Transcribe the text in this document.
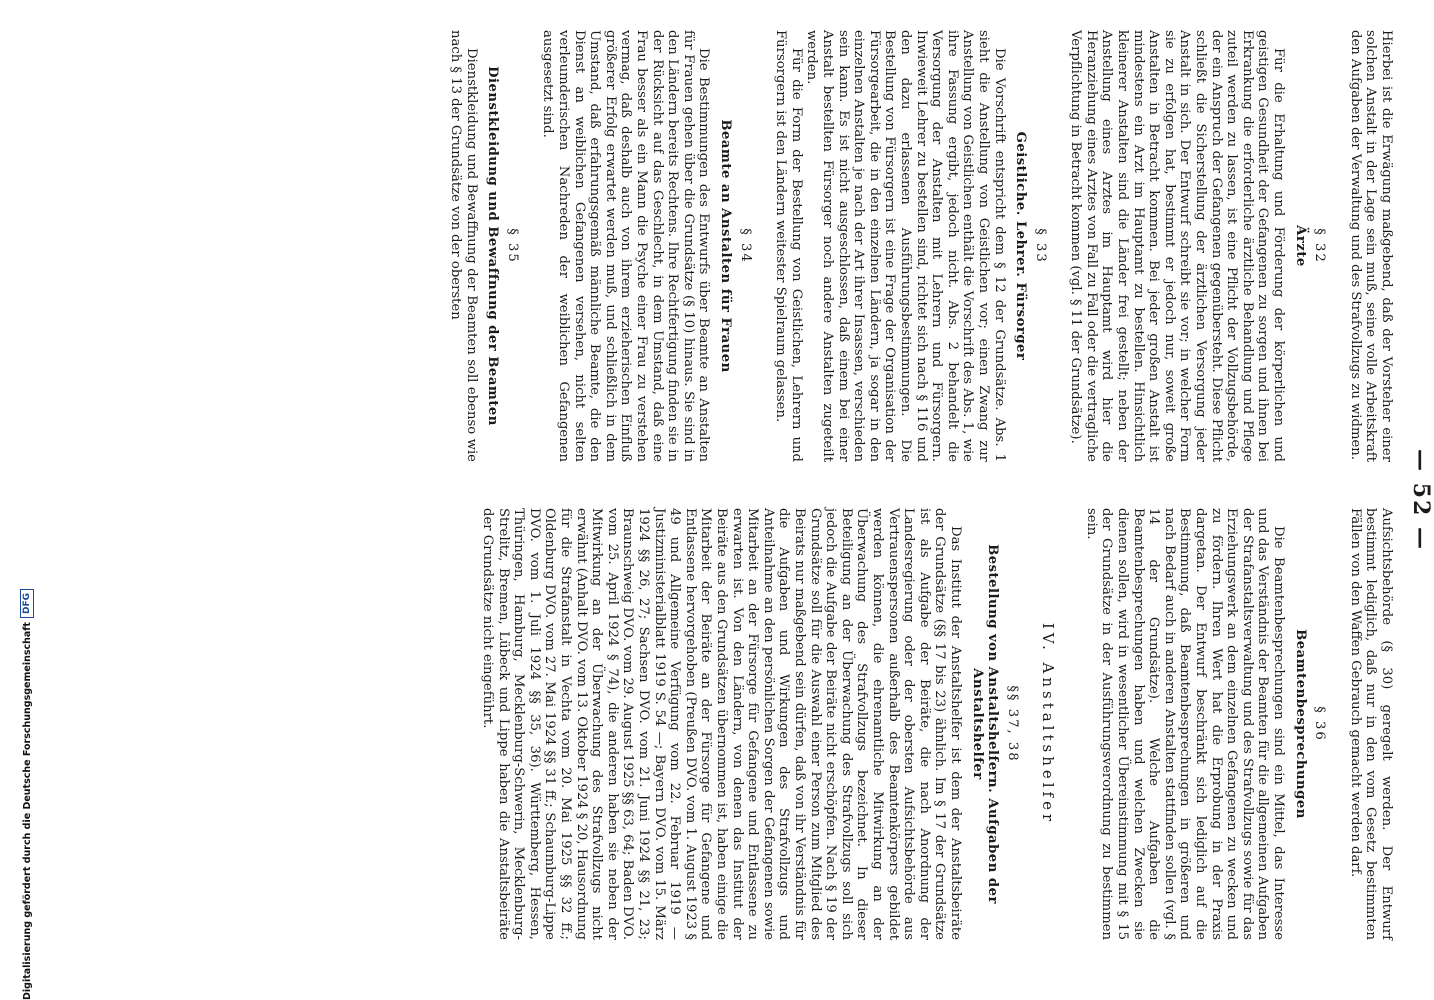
— 52 —

Hierbei ist die Erwägung maßgebend, daß der Vorsteher einer solchen Anstalt in der Lage sein muß, seine volle Arbeitskraft den Aufgaben der Verwaltung und des Strafvollzugs zu widmen.

§ 32
Ärzte

Für die Erhaltung und Förderung der körperlichen und geistigen Gesundheit der Gefangenen zu sorgen und ihnen bei Erkrankung die erforderliche ärztliche Behandlung und Pflege zuteil werden zu lassen, ist eine Pflicht der Vollzugsbehörde, der ein Anspruch der Gefangenen gegenübersteht. Diese Pflicht schließt die Sicherstellung der ärztlichen Versorgung jeder Anstalt in sich. Der Entwurf schreibt sie vor; in welcher Form sie zu erfolgen hat, bestimmt er jedoch nur, soweit große Anstalten in Betracht kommen. Bei jeder großen Anstalt ist mindestens ein Arzt im Hauptamt zu bestellen. Hinsichtlich kleinerer Anstalten sind die Länder frei gestellt; neben der Anstellung eines Arztes im Hauptamt wird hier die Heranziehung eines Arztes von Fall zu Fall oder die vertragliche Verpflichtung in Betracht kommen (vgl. § 11 der Grundsätze).

§ 33
Geistliche. Lehrer. Fürsorger

Die Vorschrift entspricht dem § 12 der Grundsätze. Abs. 1 sieht die Anstellung von Geistlichen vor; einen Zwang zur Anstellung von Geistlichen enthält die Vorschrift des Abs. 1, wie ihre Fassung ergibt, jedoch nicht. Abs. 2 behandelt die Versorgung der Anstalten mit Lehrern und Fürsorgern. Inwieweit Lehrer zu bestellen sind, richtet sich nach § 116 und den dazu erlassenen Ausführungsbestimmungen. Die Bestellung von Fürsorgern ist eine Frage der Organisation der Fürsorgearbeit, die in den einzelnen Ländern, ja sogar in den einzelnen Anstalten je nach der Art ihrer Insassen, verschieden sein kann. Es ist nicht ausgeschlossen, daß einem bei einer Anstalt bestellten Fürsorger noch andere Anstalten zugeteilt werden.

Für die Form der Bestellung von Geistlichen, Lehrern und Fürsorgern ist den Ländern weitester Spielraum gelassen.

§ 34
Beamte an Anstalten für Frauen

Die Bestimmungen des Entwurfs über Beamte an Anstalten für Frauen gehen über die Grundsätze (§ 10) hinaus. Sie sind in den Ländern bereits Rechtens. Ihre Rechtfertigung finden sie in der Rücksicht auf das Geschlecht, in dem Umstand, daß eine Frau besser als ein Mann die Psyche einer Frau zu verstehen vermag, daß deshalb auch von ihrem erzieherischen Einfluß größerer Erfolg erwartet werden muß, und schließlich in dem Umstand, daß erfahrungsgemäß männliche Beamte, die den Dienst an weiblichen Gefangenen versehen, nicht selten verleumderischen Nachreden der weiblichen Gefangenen ausgesetzt sind.

§ 35
Dienstkleidung und Bewaffnung der Beamten

Dienstkleidung und Bewaffnung der Beamten soll ebenso wie nach § 13 der Grundsätze von der obersten

Aufsichtsbehörde (§ 30) geregelt werden. Der Entwurf bestimmt lediglich, daß nur in den vom Gesetz bestimmten Fällen von den Waffen Gebrauch gemacht werden darf.

§ 36
Beamtenbesprechungen

Die Beamtenbesprechungen sind ein Mittel, das Interesse und das Verständnis der Beamten für die allgemeinen Aufgaben der Strafanstaltsverwaltung und des Strafvollzugs sowie für das Erziehungswerk an dem einzelnen Gefangenen zu wecken und zu fördern. Ihren Wert hat die Erprobung in der Praxis dargetan. Der Entwurf beschränkt sich lediglich auf die Bestimmung, daß Beamtenbesprechungen in größeren und nach Bedarf auch in anderen Anstalten stattfinden sollen (vgl. § 14 der Grundsätze). Welche Aufgaben die Beamtenbesprechungen haben und welchen Zwecken sie dienen sollen, wird in wesentlicher Übereinstimmung mit § 15 der Grundsätze in der Ausführungsverordnung zu bestimmen sein.

IV. Anstaltshelfer
§§ 37, 38
Bestellung von Anstaltshelfern. Aufgaben der Anstaltshelfer

Das Institut der Anstaltshelfer ist dem der Anstaltsbeiräte der Grundsätze (§§ 17 bis 23) ähnlich. Im § 17 der Grundsätze ist als Aufgabe der Beiräte, die nach Anordnung der Landesregierung oder der obersten Aufsichtsbehörde aus Vertrauenspersonen außerhalb des Beamtenkörpers gebildet werden können, die ehrenamtliche Mitwirkung an der Überwachung des Strafvollzugs bezeichnet. In dieser Beteiligung an der Überwachung des Strafvollzugs soll sich jedoch die Aufgabe der Beiräte nicht erschöpfen. Nach § 19 der Grundsätze soll für die Auswahl einer Person zum Mitglied des Beirats nur maßgebend sein dürfen, daß von ihr Verständnis für die Aufgaben und Wirkungen des Strafvollzugs und Anteilnahme an den persönlichen Sorgen der Gefangenen sowie Mitarbeit an der Fürsorge für Gefangene und Entlassene zu erwarten ist. Von den Ländern, von denen das Institut der Beiräte aus den Grundsätzen übernommen ist, haben einige die Mitarbeit der Beiräte an der Fürsorge für Gefangene und Entlassene hervorgehoben (Preußen DVO. vom 1. August 1923 § 49 und Allgemeine Verfügung vom 22. Februar 1919 — Justizministerialblatt 1919 S. 54 —; Bayern DVO. vom 15. März 1924 §§ 26, 27; Sachsen DVO. vom 21. Juni 1924 §§ 21, 23; Braunschweig DVO. vom 29. August 1925 §§ 63, 64; Baden DVO. vom 25. April 1924 § 74), die anderen haben sie neben der Mitwirkung an der Überwachung des Strafvollzugs nicht erwähnt (Anhalt DVO. vom 13. Oktober 1924 § 20, Hausordnung für die Strafanstalt in Vechta vom 20. Mai 1925 §§ 32 ff.; Oldenburg DVO. vom 27. Mai 1924 §§ 31 ff.; Schaumburg-Lippe DVO. vom 1. Juli 1924 §§ 35, 36). Württemberg, Hessen, Thüringen, Hamburg, Mecklenburg-Schwerin, Mecklenburg-Strelitz, Bremen, Lübeck und Lippe haben die Anstaltsbeiräte der Grundsätze nicht eingeführt.

Digitalisierung gefördert durch die Deutsche Forschungsgemeinschaft
DFG
